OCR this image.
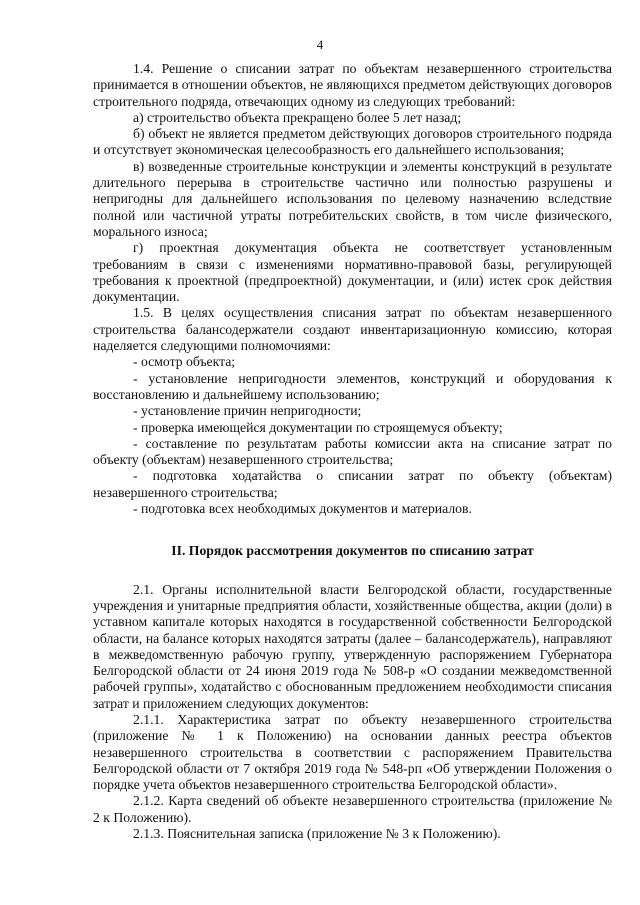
4

1.4. Решение о списании затрат по объектам незавершенного строительства принимается в отношении объектов, не являющихся предметом действующих договоров строительного подряда, отвечающих одному из следующих требований:

а) строительство объекта прекращено более 5 лет назад;

б) объект не является предметом действующих договоров строительного подряда и отсутствует экономическая целесообразность его дальнейшего использования;

в) возведенные строительные конструкции и элементы конструкций в результате длительного перерыва в строительстве частично или полностью разрушены и непригодны для дальнейшего использования по целевому назначению вследствие полной или частичной утраты потребительских свойств, в том числе физического, морального износа;

г) проектная документация объекта не соответствует установленным требованиям в связи с изменениями нормативно-правовой базы, регулирующей требования к проектной (предпроектной) документации, и (или) истек срок действия документации.

1.5. В целях осуществления списания затрат по объектам незавершенного строительства балансодержатели создают инвентаризационную комиссию, которая наделяется следующими полномочиями:

- осмотр объекта;

- установление непригодности элементов, конструкций и оборудования к восстановлению и дальнейшему использованию;

- установление причин непригодности;

- проверка имеющейся документации по строящемуся объекту;

- составление по результатам работы комиссии акта на списание затрат по объекту (объектам) незавершенного строительства;

- подготовка ходатайства о списании затрат по объекту (объектам) незавершенного строительства;

- подготовка всех необходимых документов и материалов.

II. Порядок рассмотрения документов по списанию затрат

2.1. Органы исполнительной власти Белгородской области, государственные учреждения и унитарные предприятия области, хозяйственные общества, акции (доли) в уставном капитале которых находятся в государственной собственности Белгородской области, на балансе которых находятся затраты (далее – балансодержатель), направляют в межведомственную рабочую группу, утвержденную распоряжением Губернатора Белгородской области от 24 июня 2019 года № 508-р «О создании межведомственной рабочей группы», ходатайство с обоснованным предложением необходимости списания затрат и приложением следующих документов:

2.1.1. Характеристика затрат по объекту незавершенного строительства (приложение № 1 к Положению) на основании данных реестра объектов незавершенного строительства в соответствии с распоряжением Правительства Белгородской области от 7 октября 2019 года № 548-рп «Об утверждении Положения о порядке учета объектов незавершенного строительства Белгородской области».

2.1.2. Карта сведений об объекте незавершенного строительства (приложение № 2 к Положению).

2.1.3. Пояснительная записка (приложение № 3 к Положению).
